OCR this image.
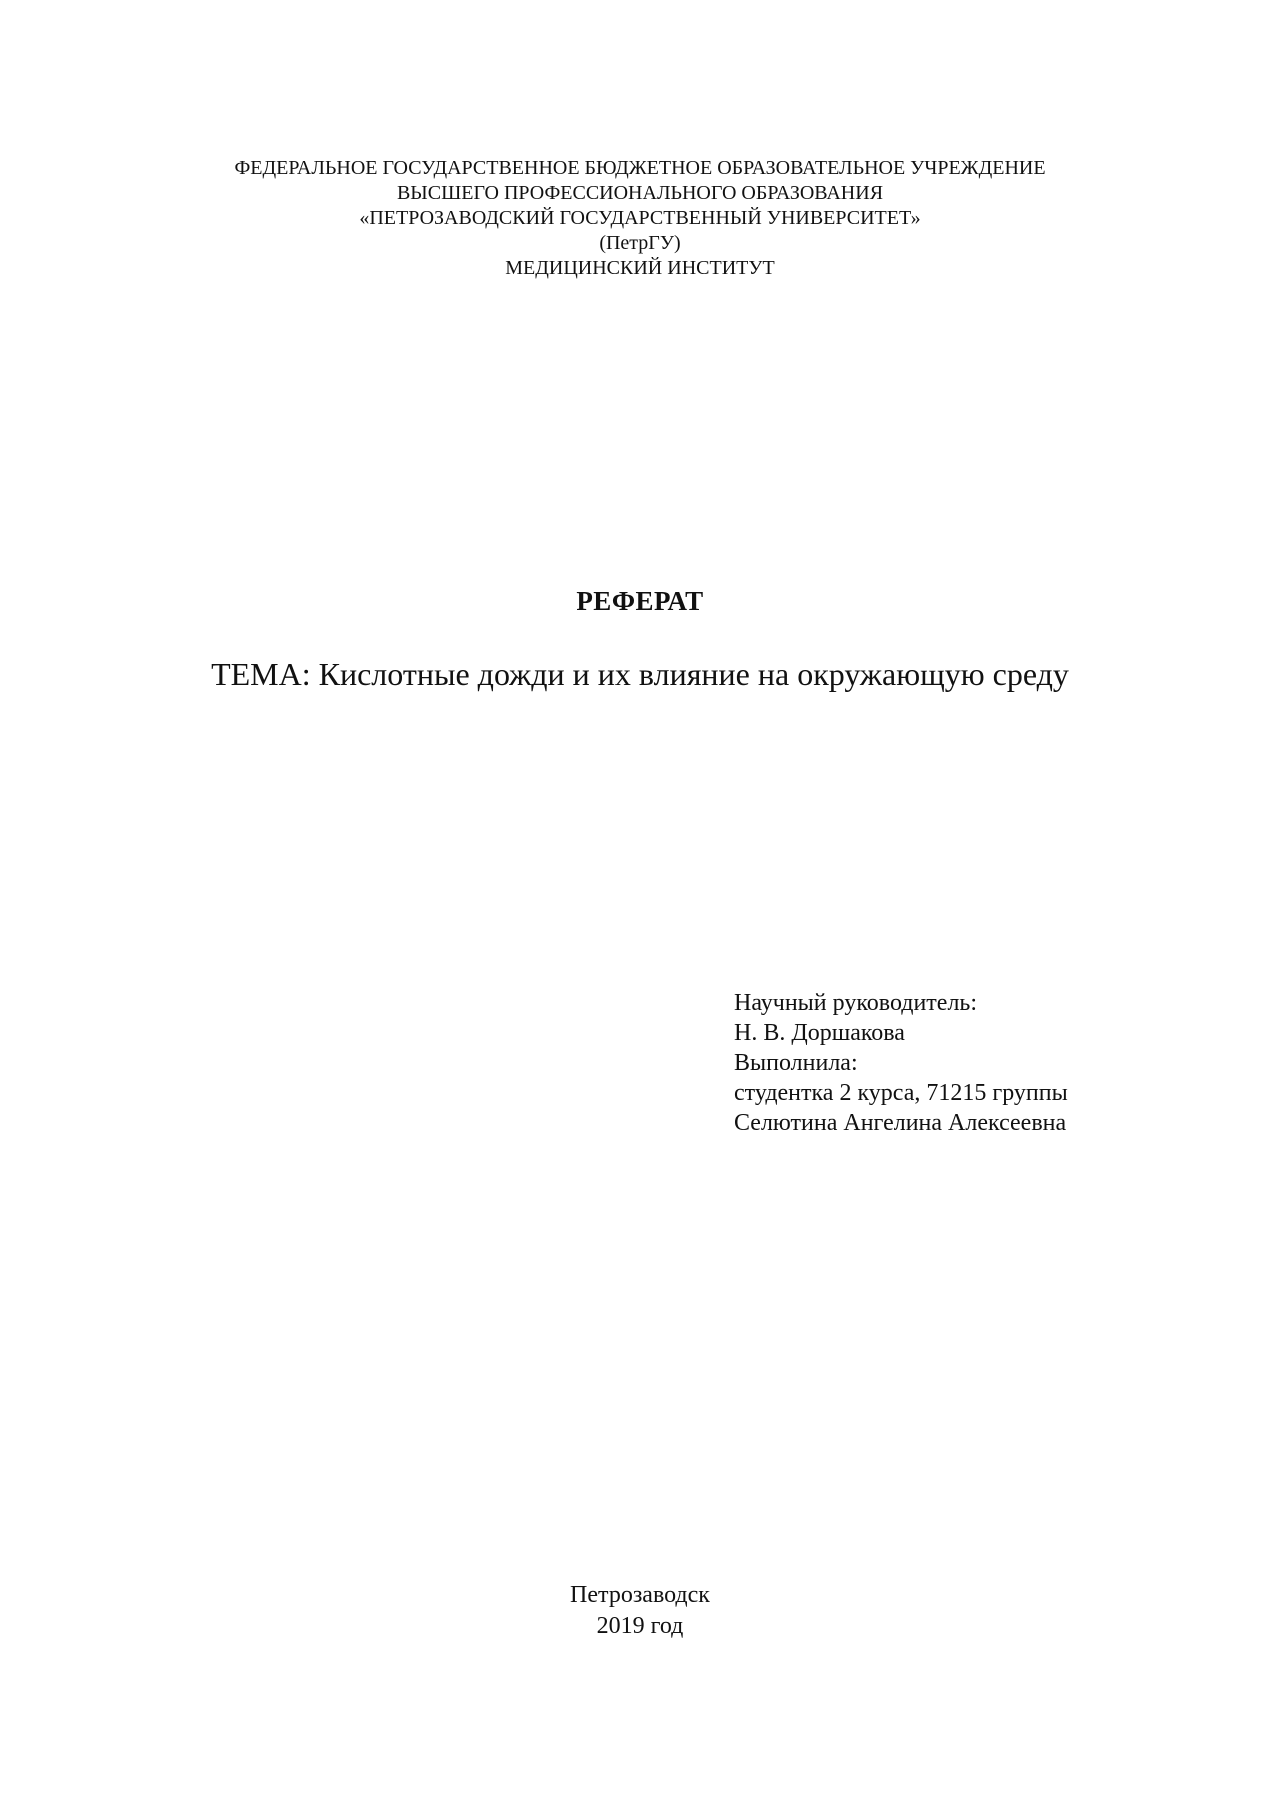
ФЕДЕРАЛЬНОЕ ГОСУДАРСТВЕННОЕ БЮДЖЕТНОЕ ОБРАЗОВАТЕЛЬНОЕ УЧРЕЖДЕНИЕ
ВЫСШЕГО ПРОФЕССИОНАЛЬНОГО ОБРАЗОВАНИЯ
«ПЕТРОЗАВОДСКИЙ ГОСУДАРСТВЕННЫЙ УНИВЕРСИТЕТ»
(ПетрГУ)
МЕДИЦИНСКИЙ ИНСТИТУТ
РЕФЕРАТ
ТЕМА: Кислотные дожди и их влияние на окружающую среду
Научный руководитель:
Н. В. Доршакова
Выполнила:
студентка 2 курса, 71215 группы
Селютина Ангелина Алексеевна
Петрозаводск
2019 год
